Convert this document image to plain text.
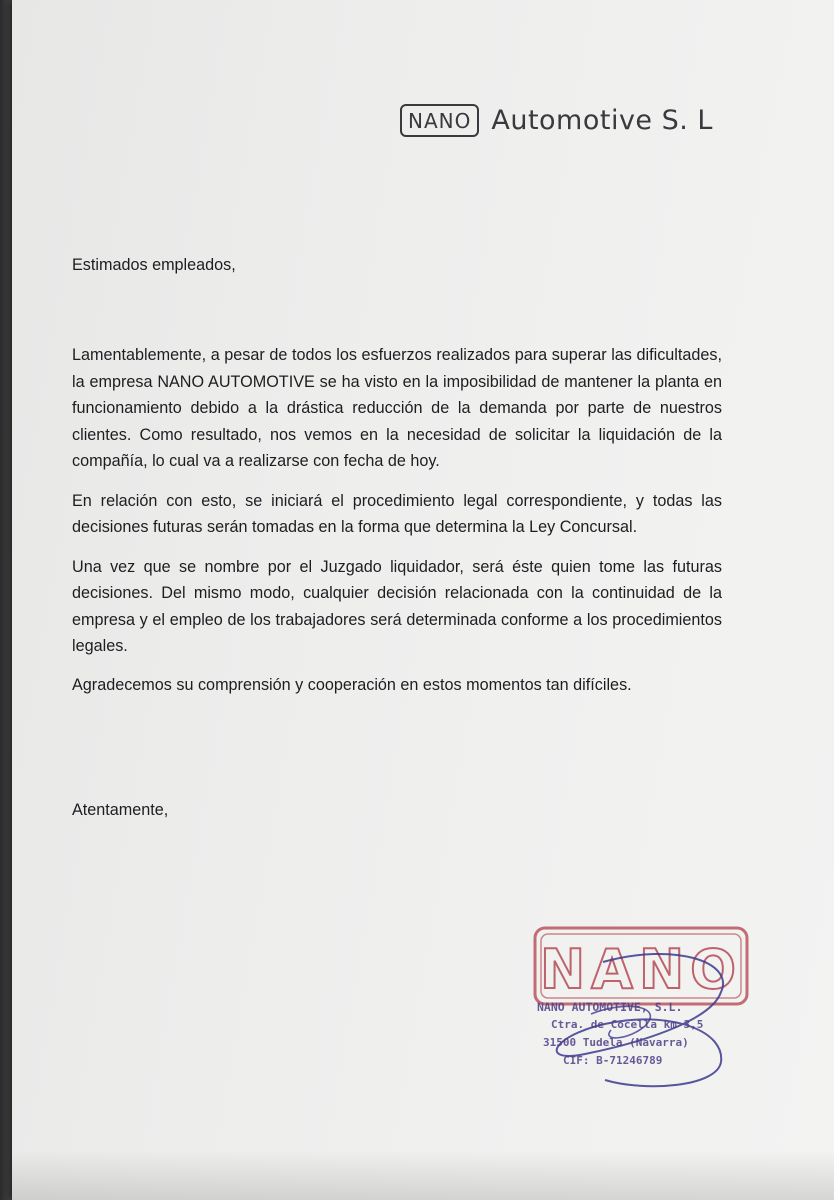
NANO Automotive S. L

Estimados empleados,

Lamentablemente, a pesar de todos los esfuerzos realizados para superar las dificultades, la empresa NANO AUTOMOTIVE se ha visto en la imposibilidad de mantener la planta en funcionamiento debido a la drástica reducción de la demanda por parte de nuestros clientes. Como resultado, nos vemos en la necesidad de solicitar la liquidación de la compañía, lo cual va a realizarse con fecha de hoy.

En relación con esto, se iniciará el procedimiento legal correspondiente, y todas las decisiones futuras serán tomadas en la forma que determina la Ley Concursal.

Una vez que se nombre por el Juzgado liquidador, será éste quien tome las futuras decisiones. Del mismo modo, cualquier decisión relacionada con la continuidad de la empresa y el empleo de los trabajadores será determinada conforme a los procedimientos legales.

Agradecemos su comprensión y cooperación en estos momentos tan difíciles.

Atentamente,

NANO
NANO AUTOMOTIVE, S.L.
Ctra. de Cocella km 3,5
31500 Tudela (Navarra)
CIF: B-71246789
